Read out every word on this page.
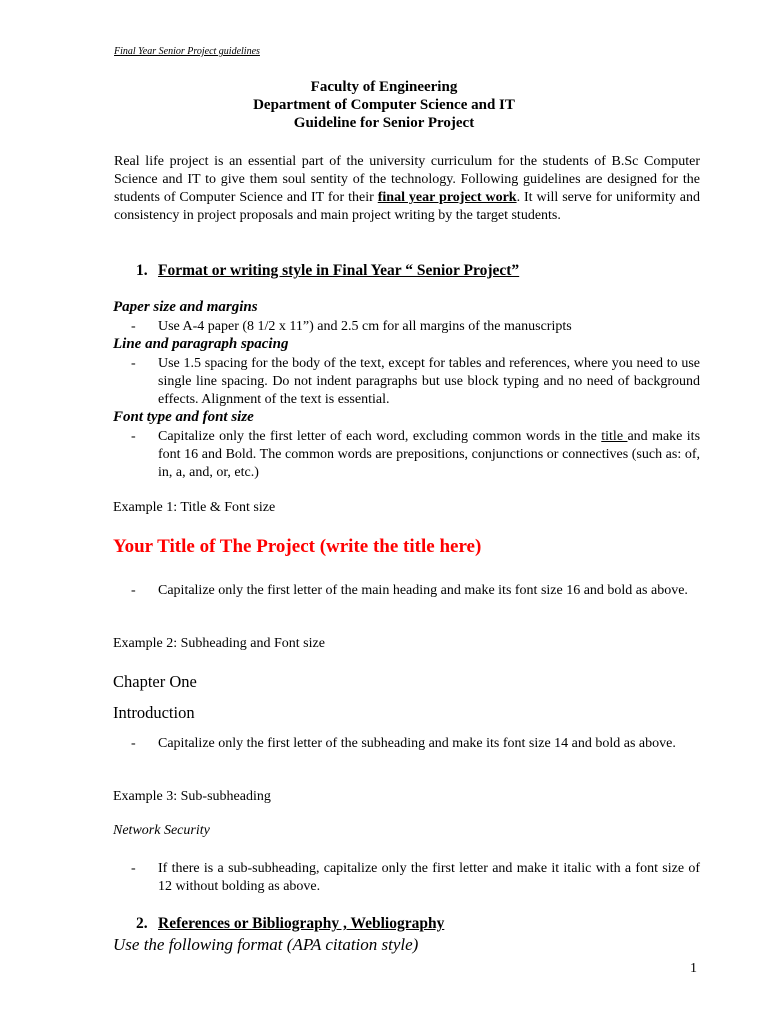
Final Year Senior Project guidelines
Faculty of Engineering
Department of Computer Science and IT
Guideline for Senior Project

Real life project is an essential part of the university curriculum for the students of B.Sc Computer Science and IT to give them soul sentity of the technology. Following guidelines are designed for the students of Computer Science and IT for their final year project work. It will serve for uniformity and consistency in project proposals and main project writing by the target students.

1. Format or writing style in Final Year “ Senior Project”
Paper size and margins
- Use A-4 paper (8 1/2 x 11”) and 2.5 cm for all margins of the manuscripts
Line and paragraph spacing
- Use 1.5 spacing for the body of the text, except for tables and references, where you need to use single line spacing. Do not indent paragraphs but use block typing and no need of background effects. Alignment of the text is essential.
Font type and font size
- Capitalize only the first letter of each word, excluding common words in the title and make its font 16 and Bold. The common words are prepositions, conjunctions or connectives (such as: of, in, a, and, or, etc.)
Example 1: Title & Font size
Your Title of The Project (write the title here)
- Capitalize only the first letter of the main heading and make its font size 16 and bold as above.
Example 2: Subheading and Font size
Chapter One
Introduction
- Capitalize only the first letter of the subheading and make its font size 14 and bold as above.
Example 3: Sub-subheading
Network Security
- If there is a sub-subheading, capitalize only the first letter and make it italic with a font size of 12 without bolding as above.
2. References or Bibliography , Webliography
Use the following format (APA citation style)
1
